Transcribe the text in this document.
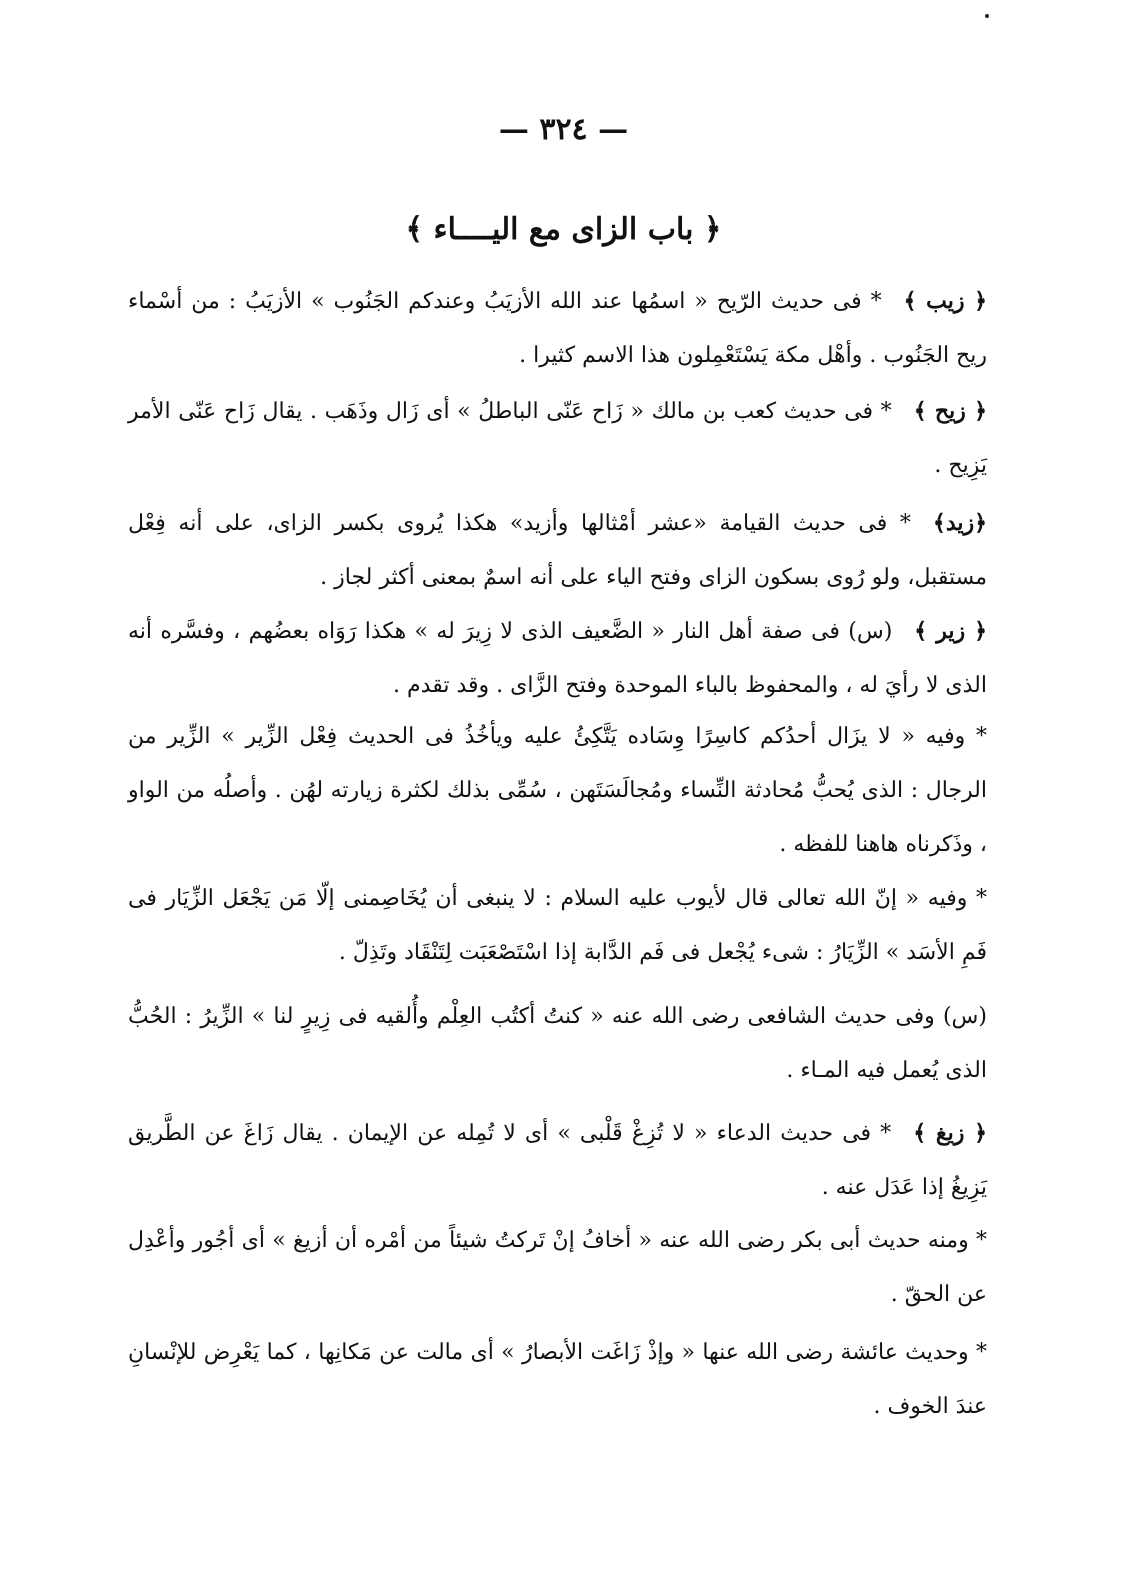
— ٣٢٤ —
﴿ باب الزاى مع اليــــاء ﴾

﴿ زيب ﴾* فى حديث الرّيح « اسمُها عند الله الأزيَبُ وعندكم الجَنُوب » الأزيَبُ : من أسْماء ريح الجَنُوب . وأهْل مكة يَسْتَعْمِلون هذا الاسم كثيرا .

﴿ زيح ﴾* فى حديث كعب بن مالك « زَاح عَنّى الباطلُ » أى زَال وذَهَب . يقال زَاح عَنّى الأمر يَزِيح .

﴿زيد﴾* فى حديث القيامة «عشر أمْثالها وأزيد» هكذا يُروى بكسر الزاى، على أنه فِعْل مستقبل، ولو رُوى بسكون الزاى وفتح الياء على أنه اسمٌ بمعنى أكثر لجاز .

﴿ زير ﴾(س) فى صفة أهل النار « الضَّعيف الذى لا زِيرَ له » هكذا رَوَاه بعضُهم ، وفسَّره أنه الذى لا رأيَ له ، والمحفوظ بالباء الموحدة وفتح الزَّاى . وقد تقدم .

* وفيه « لا يزَال أحدُكم كاسِرًا وِسَاده يَتَّكِئُ عليه ويأخُذُ فى الحديث فِعْل الزِّير » الزِّير من الرجال : الذى يُحبُّ مُحادثة النِّساء ومُجالَسَتَهن ، سُمِّى بذلك لكثرة زيارته لهُن . وأصلُه من الواو ، وذَكرناه هاهنا للفظه .

* وفيه « إنّ الله تعالى قال لأيوب عليه السلام : لا ينبغى أن يُخَاصِمنى إلّا مَن يَجْعَل الزِّيَار فى فَمِ الأسَد » الزِّيَارُ : شىء يُجْعل فى فَم الدَّابة إذا اسْتَصْعَبَت لِتَنْقَاد وتَذِلّ .

(س) وفى حديث الشافعى رضى الله عنه « كنتُ أكتُب العِلْم وأُلقيه فى زِيرٍ لنا » الزِّيرُ : الحُبُّ الذى يُعمل فيه المـاء .

﴿ زيغ ﴾* فى حديث الدعاء « لا تُزِغْ قَلْبى » أى لا تُمِله عن الإيمان . يقال زَاغَ عن الطَّريق يَزِيغُ إذا عَدَل عنه .

* ومنه حديث أبى بكر رضى الله عنه « أخافُ إنْ تَركتُ شيئاً من أمْره أن أزيغ » أى أجُور وأعْدِل عن الحقّ .

* وحديث عائشة رضى الله عنها « وإذْ زَاغَت الأبصارُ » أى مالت عن مَكانِها ، كما يَعْرِض للإنْسانِ عندَ الخوف .
